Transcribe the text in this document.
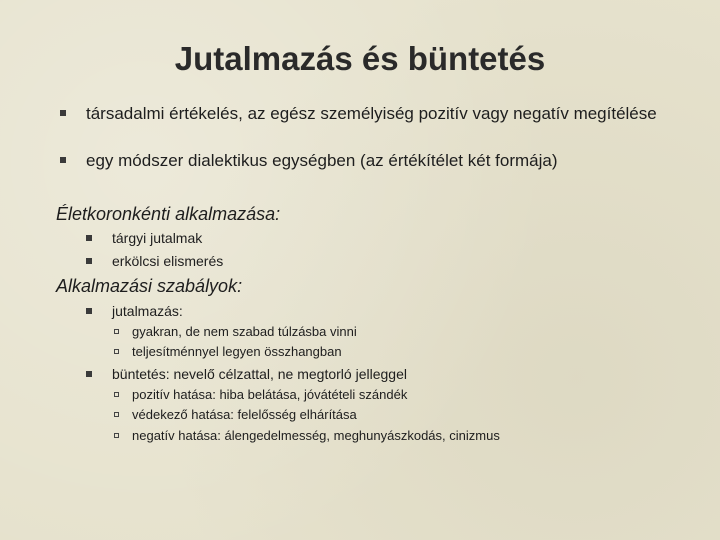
Jutalmazás és büntetés
társadalmi értékelés, az egész személyiség pozitív vagy negatív megítélése
egy módszer dialektikus egységben (az értékítélet két formája)
Életkoronkénti alkalmazása:
tárgyi jutalmak
erkölcsi elismerés
Alkalmazási szabályok:
jutalmazás:
gyakran, de nem szabad túlzásba vinni
teljesítménnyel legyen összhangban
büntetés: nevelő célzattal, ne megtorló jelleggel
pozitív hatása: hiba belátása, jóvátételi szándék
védekező hatása: felelősség elhárítása
negatív hatása: álengedelmesség, meghunyászkodás, cinizmus
